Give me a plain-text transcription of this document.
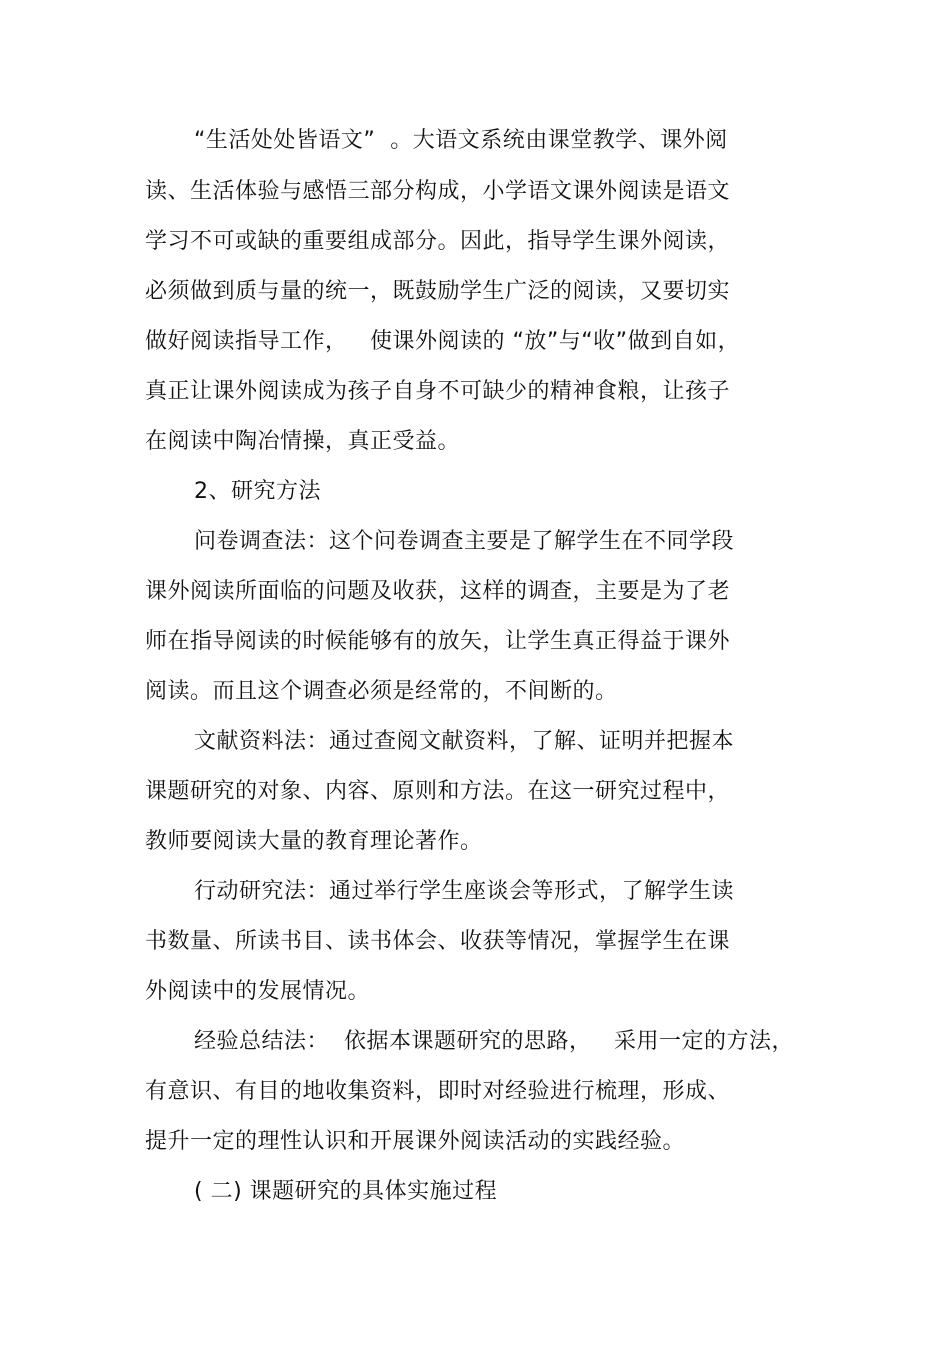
“生活处处皆语文”  。大语文系统由课堂教学、课外阅
读、生活体验与感悟三部分构成，小学语文课外阅读是语文
学习不可或缺的重要组成部分。因此，指导学生课外阅读，
必须做到质与量的统一，既鼓励学生广泛的阅读，又要切实
做好阅读指导工作，   使课外阅读的 “放”与“收”做到自如，
真正让课外阅读成为孩子自身不可缺少的精神食粮，让孩子
在阅读中陶冶情操，真正受益。
2、研究方法
问卷调查法：这个问卷调查主要是了解学生在不同学段
课外阅读所面临的问题及收获，这样的调查，主要是为了老
师在指导阅读的时候能够有的放矢，让学生真正得益于课外
阅读。而且这个调查必须是经常的，不间断的。
文献资料法：通过查阅文献资料，了解、证明并把握本
课题研究的对象、内容、原则和方法。在这一研究过程中，
教师要阅读大量的教育理论著作。
行动研究法：通过举行学生座谈会等形式，了解学生读
书数量、所读书目、读书体会、收获等情况，掌握学生在课
外阅读中的发展情况。
经验总结法：  依据本课题研究的思路，   采用一定的方法，
有意识、有目的地收集资料，即时对经验进行梳理，形成、
提升一定的理性认识和开展课外阅读活动的实践经验。
( 二) 课题研究的具体实施过程
